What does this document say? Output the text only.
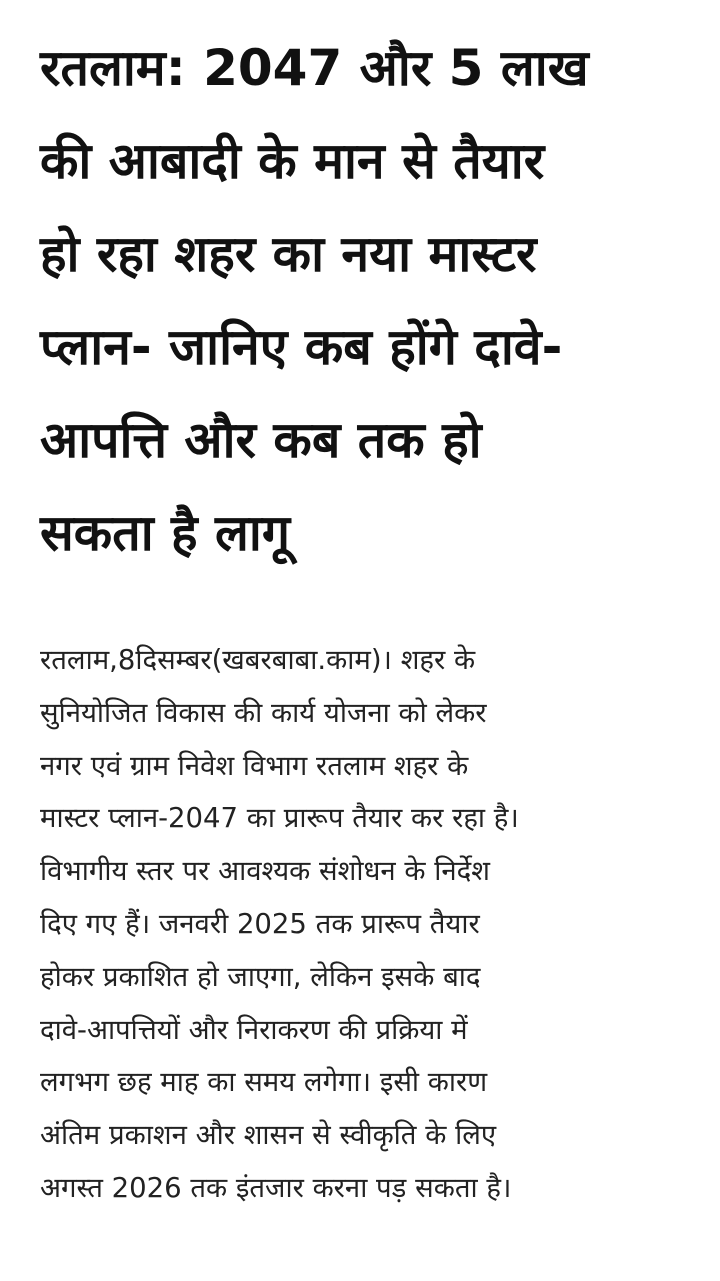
रतलाम: 2047 और 5 लाख
की आबादी के मान से तैयार
हो रहा शहर का नया मास्टर
प्लान- जानिए कब होंगे दावे-
आपत्ति और कब तक हो
सकता है लागू

रतलाम,8दिसम्बर(खबरबाबा.काम)। शहर के
सुनियोजित विकास की कार्य योजना को लेकर
नगर एवं ग्राम निवेश विभाग रतलाम शहर के
मास्टर प्लान-2047 का प्रारूप तैयार कर रहा है।
विभागीय स्तर पर आवश्यक संशोधन के निर्देश
दिए गए हैं। जनवरी 2025 तक प्रारूप तैयार
होकर प्रकाशित हो जाएगा, लेकिन इसके बाद
दावे-आपत्तियों और निराकरण की प्रक्रिया में
लगभग छह माह का समय लगेगा। इसी कारण
अंतिम प्रकाशन और शासन से स्वीकृति के लिए
अगस्त 2026 तक इंतजार करना पड़ सकता है।
